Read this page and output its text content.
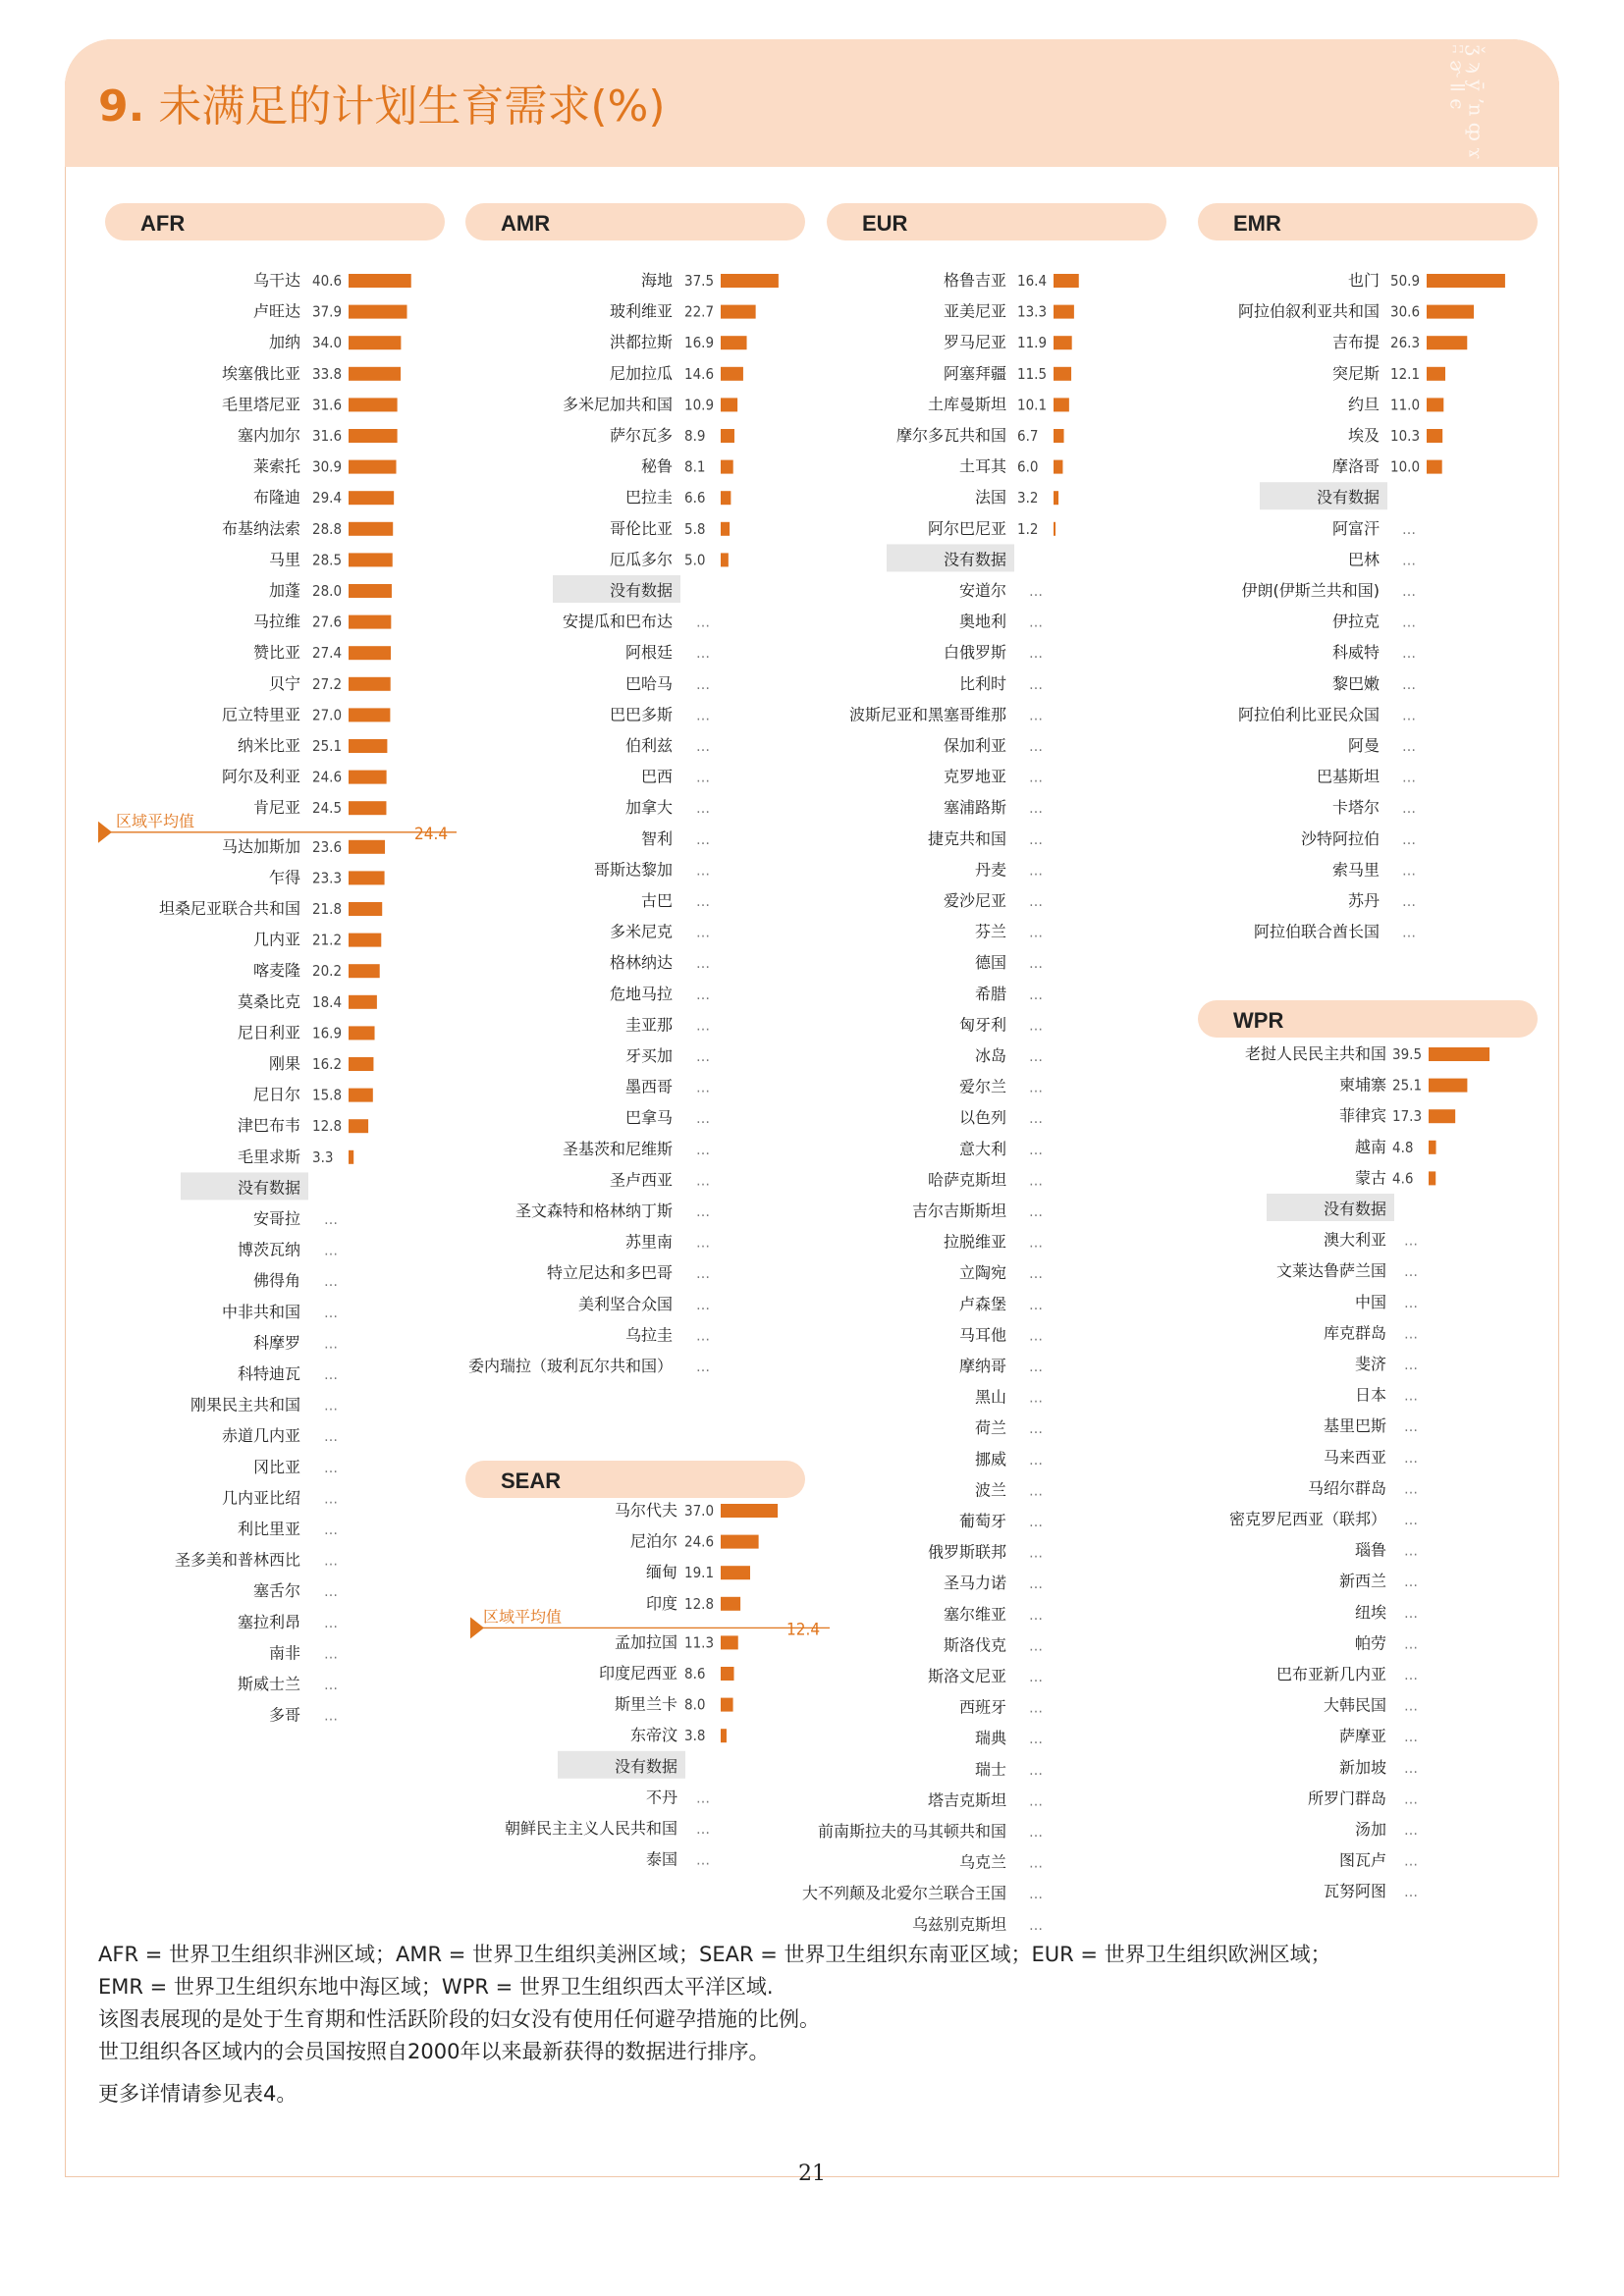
ѿ ǯ ϡ ӯ ʼn ȹ ϫ ƃ ʭ ɚ ǁ ϵ
9. 未满足的计划生育需求(%)
AFR	AMR	EUR	EMR
SEAR
WPR
乌干达 40.6
卢旺达 37.9
加纳 34.0
埃塞俄比亚 33.8
毛里塔尼亚 31.6
塞内加尔 31.6
莱索托 30.9
布隆迪 29.4
布基纳法索 28.8
马里 28.5
加蓬 28.0
马拉维 27.6
赞比亚 27.4
贝宁 27.2
厄立特里亚 27.0
纳米比亚 25.1
阿尔及利亚 24.6
肯尼亚 24.5
区域平均值
24.4
马达加斯加 23.6
乍得 23.3
坦桑尼亚联合共和国 21.8
几内亚 21.2
喀麦隆 20.2
莫桑比克 18.4
尼日利亚 16.9
刚果 16.2
尼日尔 15.8
津巴布韦 12.8
毛里求斯 3.3
没有数据
安哥拉 …
博茨瓦纳 …
佛得角 …
中非共和国 …
科摩罗 …
科特迪瓦 …
刚果民主共和国 …
赤道几内亚 …
冈比亚 …
几内亚比绍 …
利比里亚 …
圣多美和普林西比 …
塞舌尔 …
塞拉利昂 …
南非 …
斯威士兰 …
多哥 …
海地 37.5
玻利维亚 22.7
洪都拉斯 16.9
尼加拉瓜 14.6
多米尼加共和国 10.9
萨尔瓦多 8.9
秘鲁 8.1
巴拉圭 6.6
哥伦比亚 5.8
厄瓜多尔 5.0
没有数据
安提瓜和巴布达 …
阿根廷 …
巴哈马 …
巴巴多斯 …
伯利兹 …
巴西 …
加拿大 …
智利 …
哥斯达黎加 …
古巴 …
多米尼克 …
格林纳达 …
危地马拉 …
圭亚那 …
牙买加 …
墨西哥 …
巴拿马 …
圣基茨和尼维斯 …
圣卢西亚 …
圣文森特和格林纳丁斯 …
苏里南 …
特立尼达和多巴哥 …
美利坚合众国 …
乌拉圭 …
委内瑞拉（玻利瓦尔共和国） …
马尔代夫 37.0
尼泊尔 24.6
缅甸 19.1
印度 12.8
区域平均值
12.4
孟加拉国 11.3
印度尼西亚 8.6
斯里兰卡 8.0
东帝汶 3.8
没有数据
不丹 …
朝鲜民主主义人民共和国 …
泰国 …
格鲁吉亚 16.4
亚美尼亚 13.3
罗马尼亚 11.9
阿塞拜疆 11.5
土库曼斯坦 10.1
摩尔多瓦共和国 6.7
土耳其 6.0
法国 3.2
阿尔巴尼亚 1.2
没有数据
安道尔 …
奥地利 …
白俄罗斯 …
比利时 …
波斯尼亚和黑塞哥维那 …
保加利亚 …
克罗地亚 …
塞浦路斯 …
捷克共和国 …
丹麦 …
爱沙尼亚 …
芬兰 …
德国 …
希腊 …
匈牙利 …
冰岛 …
爱尔兰 …
以色列 …
意大利 …
哈萨克斯坦 …
吉尔吉斯斯坦 …
拉脱维亚 …
立陶宛 …
卢森堡 …
马耳他 …
摩纳哥 …
黑山 …
荷兰 …
挪威 …
波兰 …
葡萄牙 …
俄罗斯联邦 …
圣马力诺 …
塞尔维亚 …
斯洛伐克 …
斯洛文尼亚 …
西班牙 …
瑞典 …
瑞士 …
塔吉克斯坦 …
前南斯拉夫的马其顿共和国 …
乌克兰 …
大不列颠及北爱尔兰联合王国 …
乌兹别克斯坦 …
也门 50.9
阿拉伯叙利亚共和国 30.6
吉布提 26.3
突尼斯 12.1
约旦 11.0
埃及 10.3
摩洛哥 10.0
没有数据
阿富汗 …
巴林 …
伊朗(伊斯兰共和国) …
伊拉克 …
科威特 …
黎巴嫩 …
阿拉伯利比亚民众国 …
阿曼 …
巴基斯坦 …
卡塔尔 …
沙特阿拉伯 …
索马里 …
苏丹 …
阿拉伯联合酋长国 …
老挝人民民主共和国 39.5
柬埔寨 25.1
菲律宾 17.3
越南 4.8
蒙古 4.6
没有数据
澳大利亚 …
文莱达鲁萨兰国 …
中国 …
库克群岛 …
斐济 …
日本 …
基里巴斯 …
马来西亚 …
马绍尔群岛 …
密克罗尼西亚（联邦） …
瑙鲁 …
新西兰 …
纽埃 …
帕劳 …
巴布亚新几内亚 …
大韩民国 …
萨摩亚 …
新加坡 …
所罗门群岛 …
汤加 …
图瓦卢 …
瓦努阿图 …
AFR = 世界卫生组织非洲区域；AMR = 世界卫生组织美洲区域；SEAR = 世界卫生组织东南亚区域；EUR = 世界卫生组织欧洲区域；
EMR = 世界卫生组织东地中海区域；WPR = 世界卫生组织西太平洋区域.
该图表展现的是处于生育期和性活跃阶段的妇女没有使用任何避孕措施的比例。
世卫组织各区域内的会员国按照自2000年以来最新获得的数据进行排序。
更多详情请参见表4。
21
